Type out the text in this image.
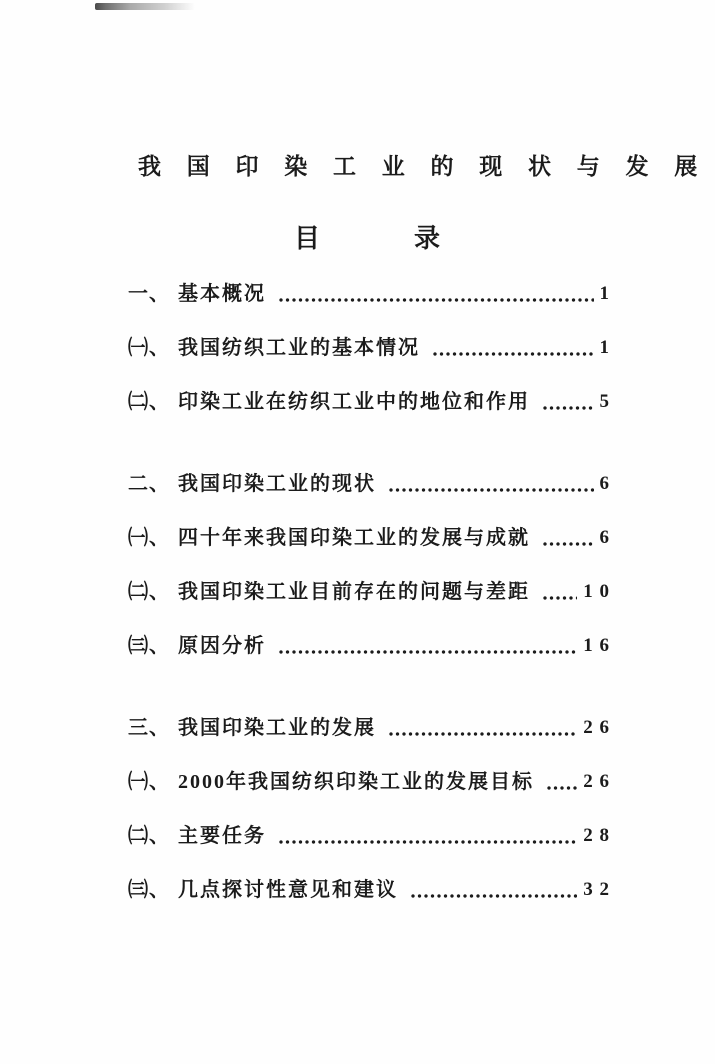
我 国 印 染 工 业 的 现 状 与 发 展
目　　　录
一、 基本概况	1
㈠、 我国纺织工业的基本情况	1
㈡、 印染工业在纺织工业中的地位和作用	5
二、 我国印染工业的现状	6
㈠、 四十年来我国印染工业的发展与成就	6
㈡、 我国印染工业目前存在的问题与差距	1 0
㈢、 原因分析	1 6
三、 我国印染工业的发展	2 6
㈠、 2000年我国纺织印染工业的发展目标	2 6
㈡、 主要任务	2 8
㈢、 几点探讨性意见和建议	3 2
